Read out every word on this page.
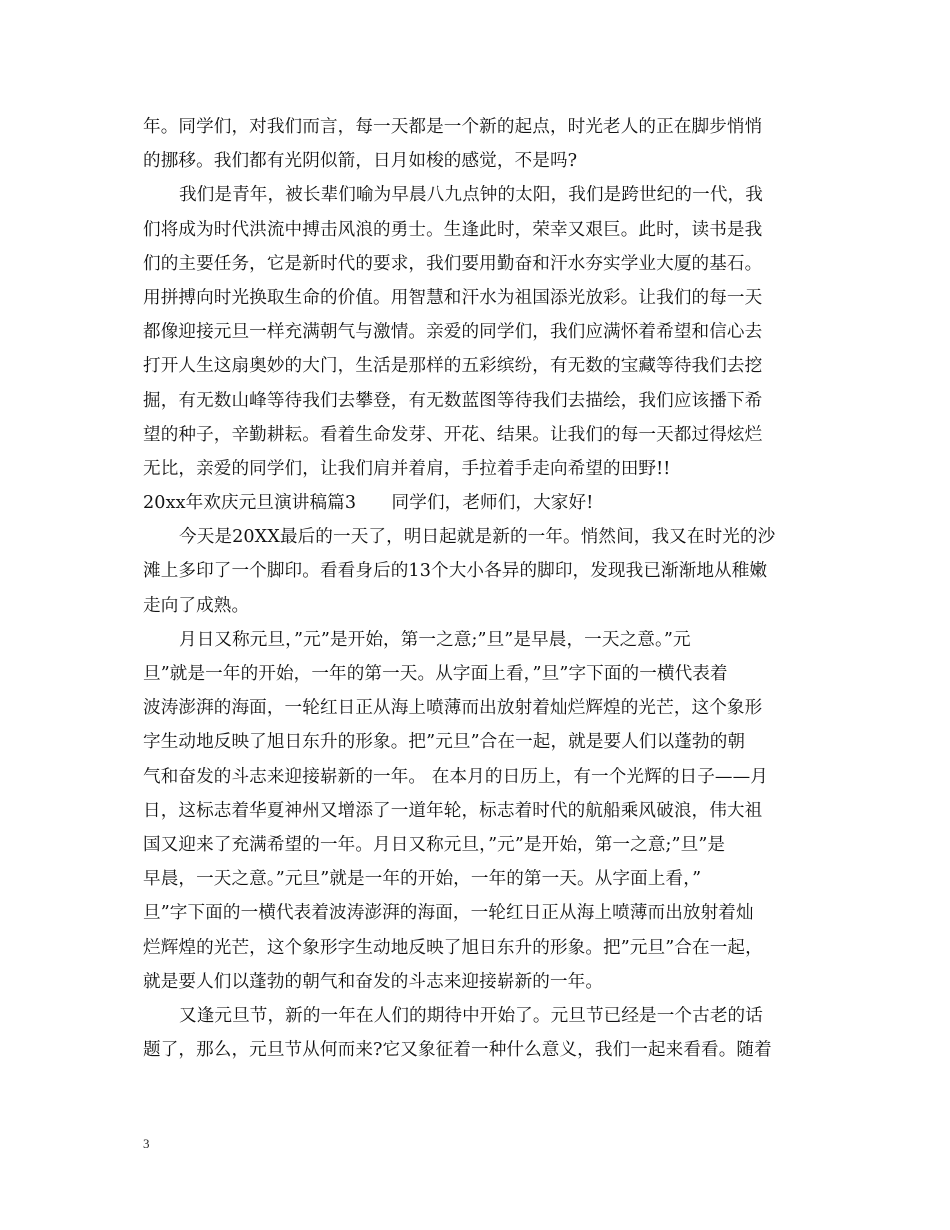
年。同学们，对我们而言，每一天都是一个新的起点，时光老人的正在脚步悄悄
的挪移。我们都有光阴似箭，日月如梭的感觉，不是吗?
我们是青年，被长辈们喻为早晨八九点钟的太阳，我们是跨世纪的一代，我
们将成为时代洪流中搏击风浪的勇士。生逢此时，荣幸又艰巨。此时，读书是我
们的主要任务，它是新时代的要求，我们要用勤奋和汗水夯实学业大厦的基石。
用拼搏向时光换取生命的价值。用智慧和汗水为祖国添光放彩。让我们的每一天
都像迎接元旦一样充满朝气与激情。亲爱的同学们，我们应满怀着希望和信心去
打开人生这扇奥妙的大门，生活是那样的五彩缤纷，有无数的宝藏等待我们去挖
掘，有无数山峰等待我们去攀登，有无数蓝图等待我们去描绘，我们应该播下希
望的种子，辛勤耕耘。看着生命发芽、开花、结果。让我们的每一天都过得炫烂
无比，亲爱的同学们，让我们肩并着肩，手拉着手走向希望的田野!!
20xx年欢庆元旦演讲稿篇3　　同学们，老师们，大家好!
今天是20XX最后的一天了，明日起就是新的一年。悄然间，我又在时光的沙
滩上多印了一个脚印。看看身后的13个大小各异的脚印，发现我已渐渐地从稚嫩
走向了成熟。
月日又称元旦，”元”是开始，第一之意;”旦”是早晨，一天之意。”元
旦”就是一年的开始，一年的第一天。从字面上看，”旦”字下面的一横代表着
波涛澎湃的海面，一轮红日正从海上喷薄而出放射着灿烂辉煌的光芒，这个象形
字生动地反映了旭日东升的形象。把”元旦”合在一起，就是要人们以蓬勃的朝
气和奋发的斗志来迎接崭新的一年。 在本月的日历上，有一个光辉的日子——月
日，这标志着华夏神州又增添了一道年轮，标志着时代的航船乘风破浪，伟大祖
国又迎来了充满希望的一年。月日又称元旦，”元”是开始，第一之意;”旦”是
早晨，一天之意。”元旦”就是一年的开始，一年的第一天。从字面上看，”
旦”字下面的一横代表着波涛澎湃的海面，一轮红日正从海上喷薄而出放射着灿
烂辉煌的光芒，这个象形字生动地反映了旭日东升的形象。把”元旦”合在一起，
就是要人们以蓬勃的朝气和奋发的斗志来迎接崭新的一年。
又逢元旦节，新的一年在人们的期待中开始了。元旦节已经是一个古老的话
题了，那么，元旦节从何而来?它又象征着一种什么意义，我们一起来看看。随着
3
